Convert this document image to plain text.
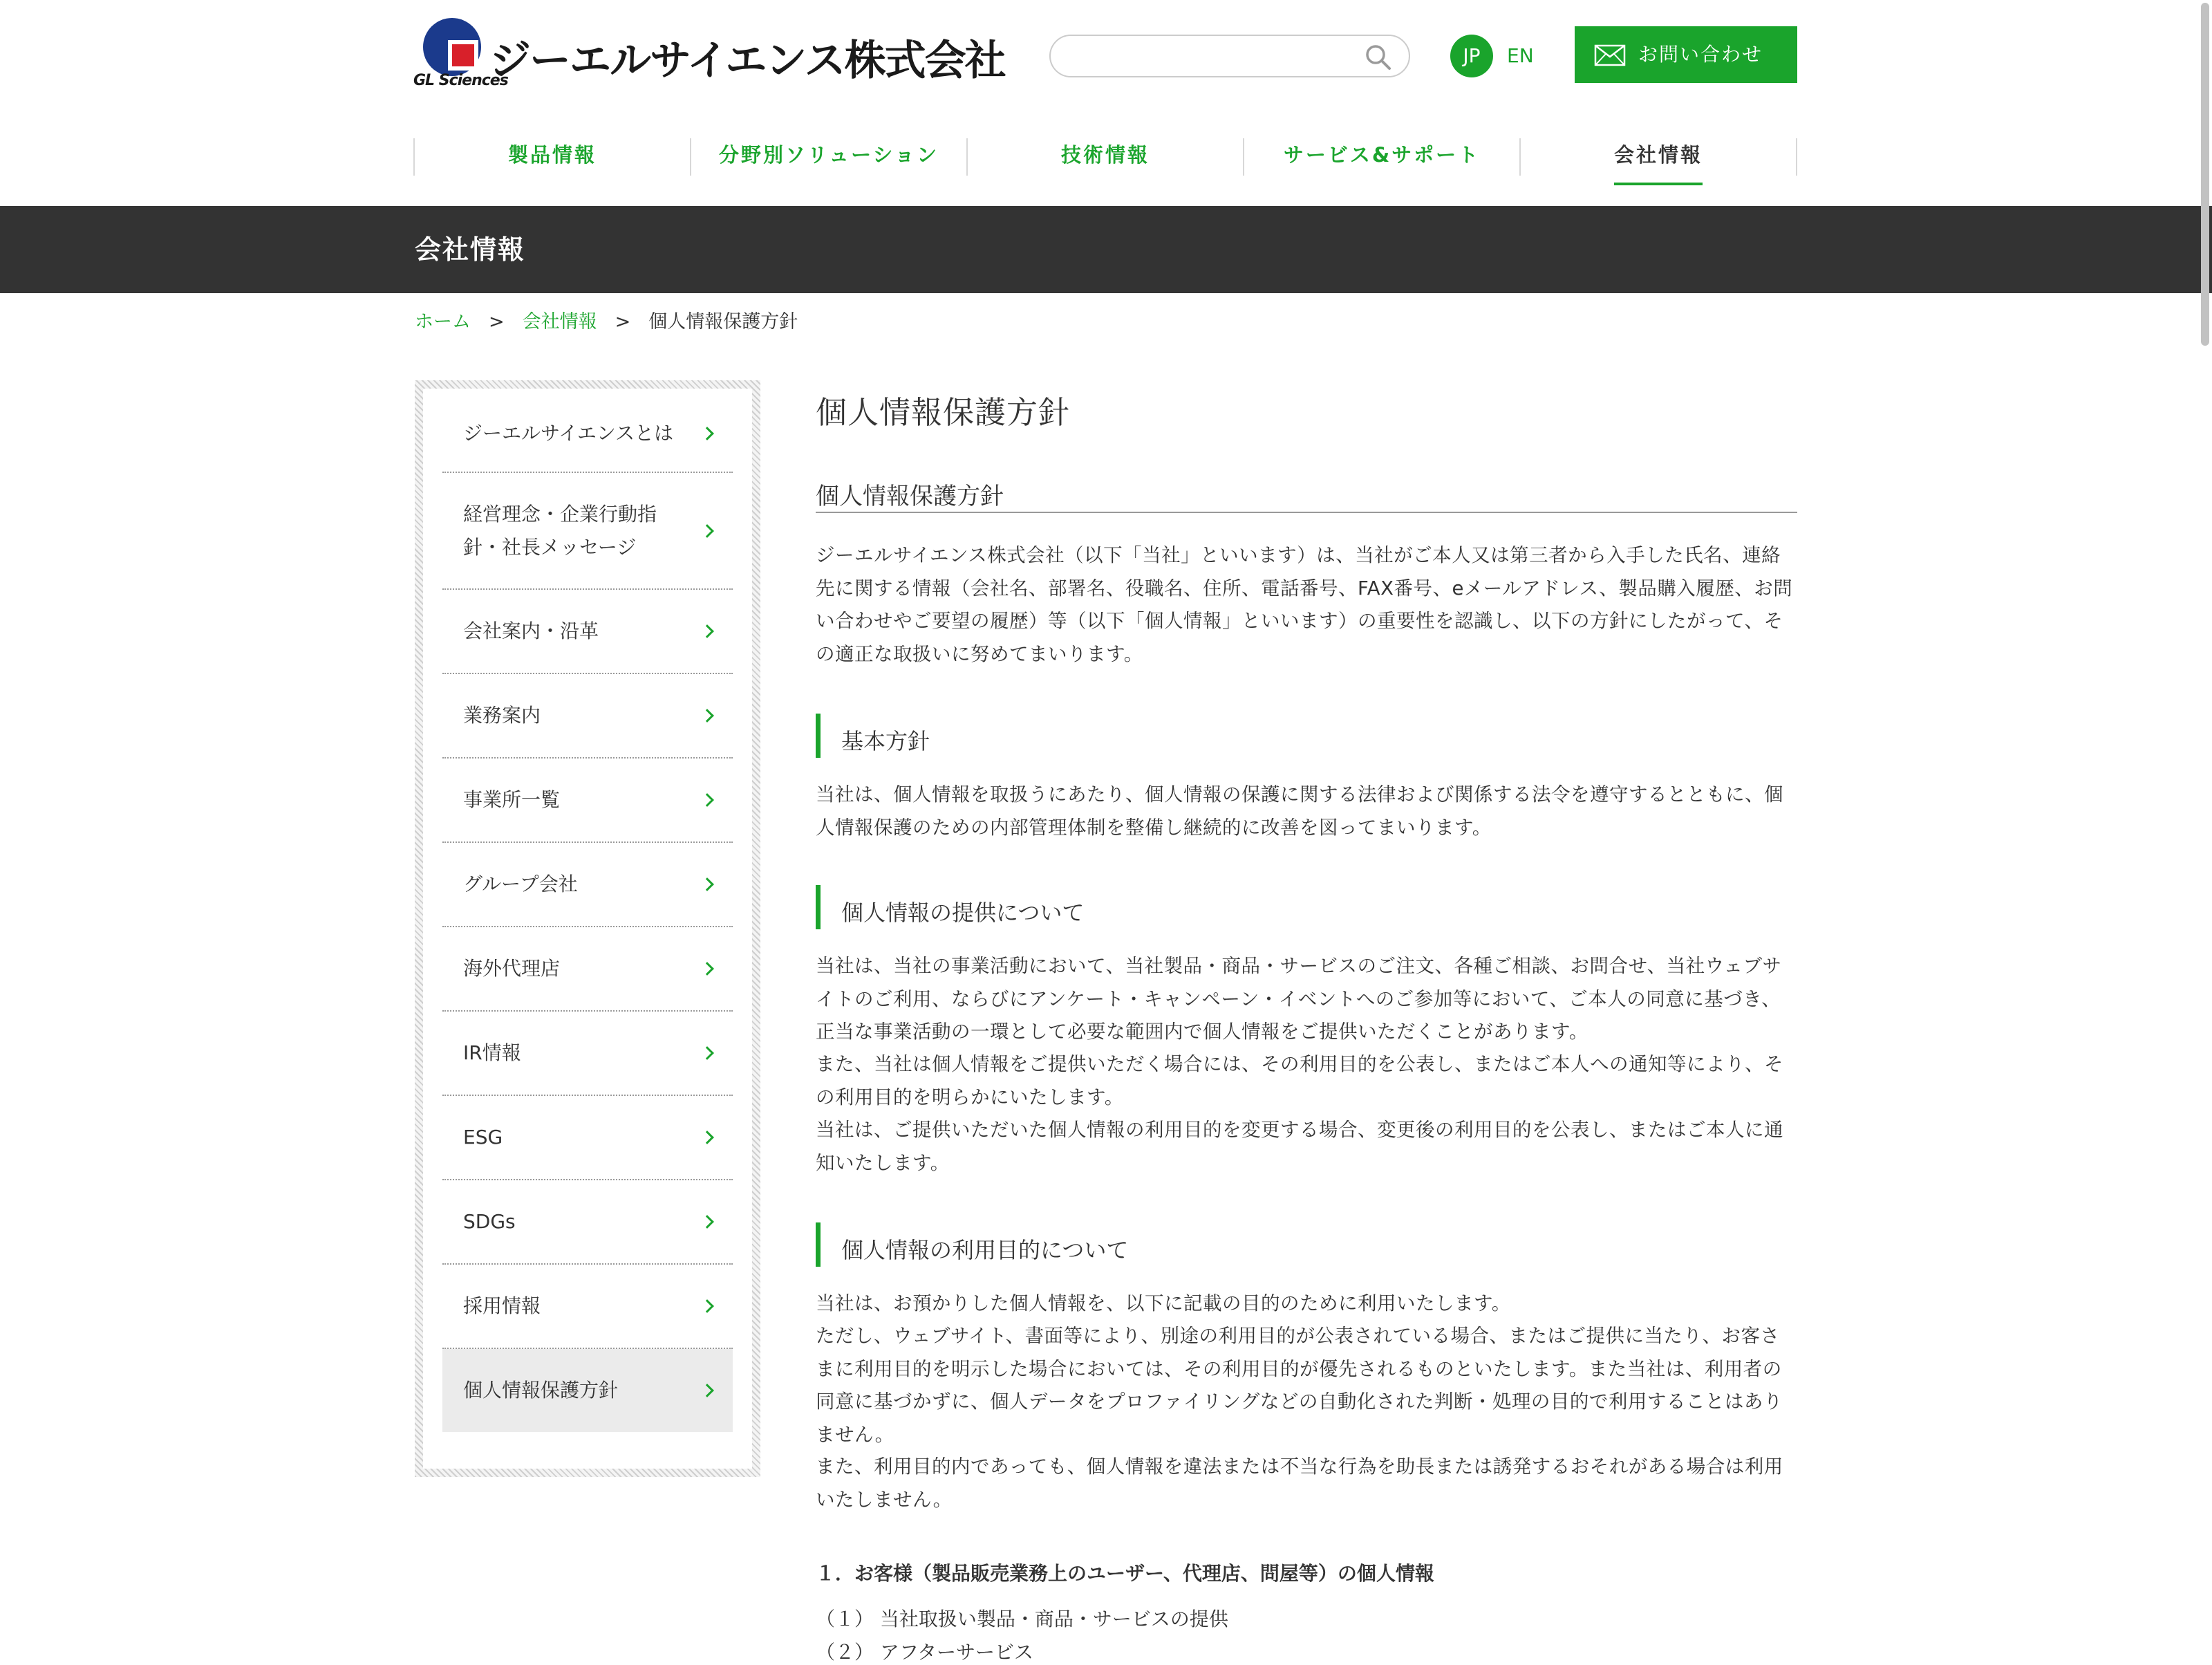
ジーエルサイエンス株式会社
GL Sciences
JP	EN	お問い合わせ
製品情報	分野別ソリューション	技術情報	サービス&サポート	会社情報
会社情報
ホーム > 会社情報 > 個人情報保護方針
ジーエルサイエンスとは
経営理念・企業行動指針・社長メッセージ
会社案内・沿革
業務案内
事業所一覧
グループ会社
海外代理店
IR情報
ESG
SDGs
採用情報
個人情報保護方針
個人情報保護方針
個人情報保護方針

ジーエルサイエンス株式会社（以下「当社」といいます）は、当社がご本人又は第三者から入手した氏名、連絡先に関する情報（会社名、部署名、役職名、住所、電話番号、FAX番号、eメールアドレス、製品購入履歴、お問い合わせやご要望の履歴）等（以下「個人情報」といいます）の重要性を認識し、以下の方針にしたがって、その適正な取扱いに努めてまいります。

基本方針

当社は、個人情報を取扱うにあたり、個人情報の保護に関する法律および関係する法令を遵守するとともに、個人情報保護のための内部管理体制を整備し継続的に改善を図ってまいります。

個人情報の提供について

当社は、当社の事業活動において、当社製品・商品・サービスのご注文、各種ご相談、お問合せ、当社ウェブサイトのご利用、ならびにアンケート・キャンペーン・イベントへのご参加等において、ご本人の同意に基づき、正当な事業活動の一環として必要な範囲内で個人情報をご提供いただくことがあります。

また、当社は個人情報をご提供いただく場合には、その利用目的を公表し、またはご本人への通知等により、その利用目的を明らかにいたします。

当社は、ご提供いただいた個人情報の利用目的を変更する場合、変更後の利用目的を公表し、またはご本人に通知いたします。

個人情報の利用目的について

当社は、お預かりした個人情報を、以下に記載の目的のために利用いたします。

ただし、ウェブサイト、書面等により、別途の利用目的が公表されている場合、またはご提供に当たり、お客さまに利用目的を明示した場合においては、その利用目的が優先されるものといたします。また当社は、利用者の同意に基づかずに、個人データをプロファイリングなどの自動化された判断・処理の目的で利用することはありません。

また、利用目的内であっても、個人情報を違法または不当な行為を助長または誘発するおそれがある場合は利用いたしません。

１．お客様（製品販売業務上のユーザー、代理店、問屋等）の個人情報
（１） 当社取扱い製品・商品・サービスの提供
（２） アフターサービス
